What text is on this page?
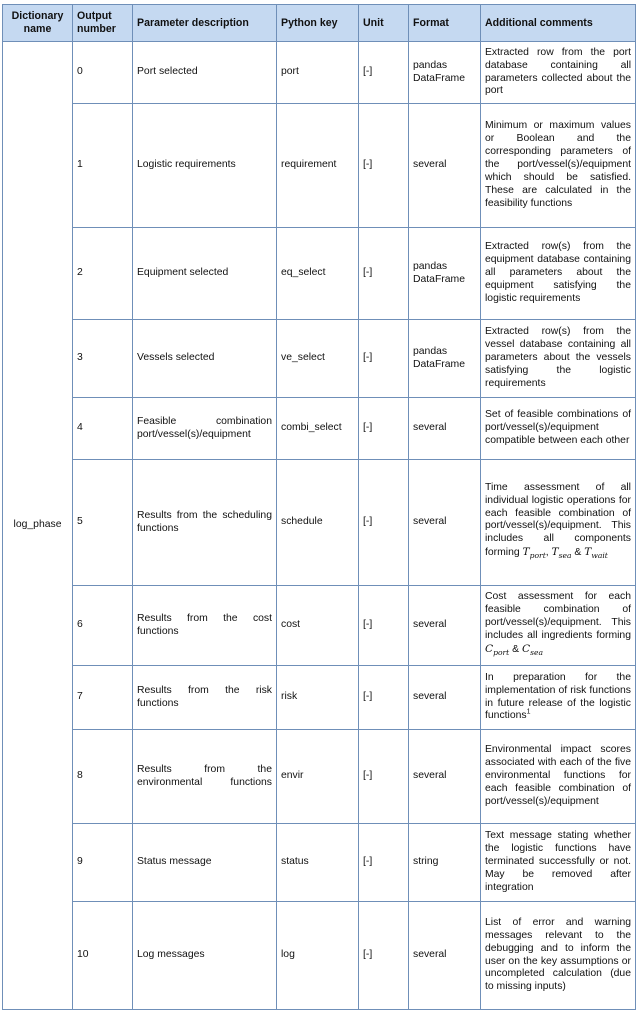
Dictionary name	Output number	Parameter description	Python key	Unit	Format	Additional comments
log_phase	0	Port selected	port	[-]	pandas DataFrame	Extracted row from the port database containing all parameters collected about the port
	1	Logistic requirements	requirement	[-]	several	Minimum or maximum values or Boolean and the corresponding parameters of the port/vessel(s)/equipment which should be satisfied. These are calculated in the feasibility functions
	2	Equipment selected	eq_select	[-]	pandas DataFrame	Extracted row(s) from the equipment database containing all parameters about the equipment satisfying the logistic requirements
	3	Vessels selected	ve_select	[-]	pandas DataFrame	Extracted row(s) from the vessel database containing all parameters about the vessels satisfying the logistic requirements
	4	Feasible combination port/vessel(s)/equipment	combi_select	[-]	several	Set of feasible combinations of port/vessel(s)/equipment compatible between each other
	5	Results from the scheduling functions	schedule	[-]	several	Time assessment of all individual logistic operations for each feasible combination of port/vessel(s)/equipment. This includes all components forming $T_{port}$, $T_{sea}$ & $T_{wait}$
	6	Results from the cost functions	cost	[-]	several	Cost assessment for each feasible combination of port/vessel(s)/equipment. This includes all ingredients forming $C_{port}$ & $C_{sea}$
	7	Results from the risk functions	risk	[-]	several	In preparation for the implementation of risk functions in future release of the logistic functions$^1$
	8	Results from the environmental functions	envir	[-]	several	Environmental impact scores associated with each of the five environmental functions for each feasible combination of port/vessel(s)/equipment
	9	Status message	status	[-]	string	Text message stating whether the logistic functions have terminated successfully or not. May be removed after integration
	10	Log messages	log	[-]	several	List of error and warning messages relevant to the debugging and to inform the user on the key assumptions or uncompleted calculation (due to missing inputs)
